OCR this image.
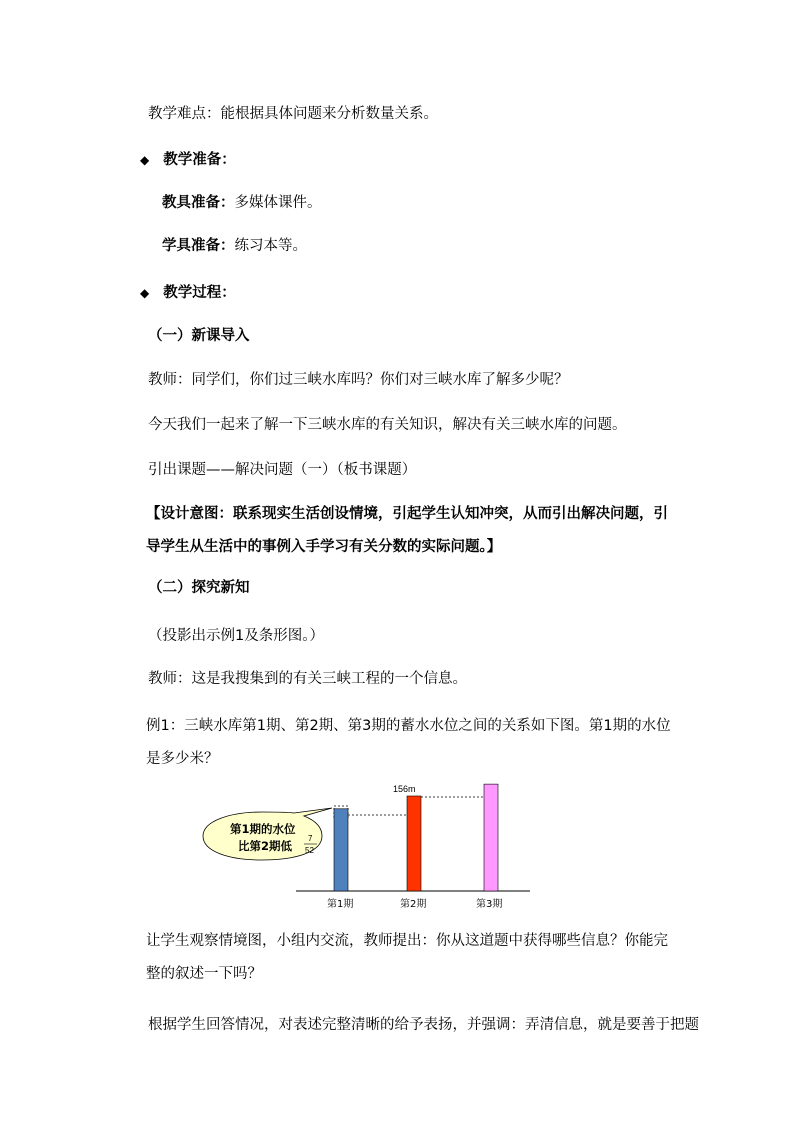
教学难点：能根据具体问题来分析数量关系。
◆ 教学准备：
教具准备：多媒体课件。
学具准备：练习本等。
◆ 教学过程：
（一）新课导入
教师：同学们，你们过三峡水库吗？你们对三峡水库了解多少呢？
今天我们一起来了解一下三峡水库的有关知识，解决有关三峡水库的问题。
引出课题——解决问题（一）（板书课题）
【设计意图：联系现实生活创设情境，引起学生认知冲突，从而引出解决问题，引导学生从生活中的事例入手学习有关分数的实际问题。】
（二）探究新知
（投影出示例1及条形图。）
教师：这是我搜集到的有关三峡工程的一个信息。
例1：三峡水库第1期、第2期、第3期的蓄水水位之间的关系如下图。第1期的水位是多少米？
156m
第1期	第2期	第3期
第1期的水位
比第2期低
7
52
让学生观察情境图，小组内交流，教师提出：你从这道题中获得哪些信息？你能完整的叙述一下吗？
根据学生回答情况，对表述完整清晰的给予表扬，并强调：弄清信息，就是要善于把题
